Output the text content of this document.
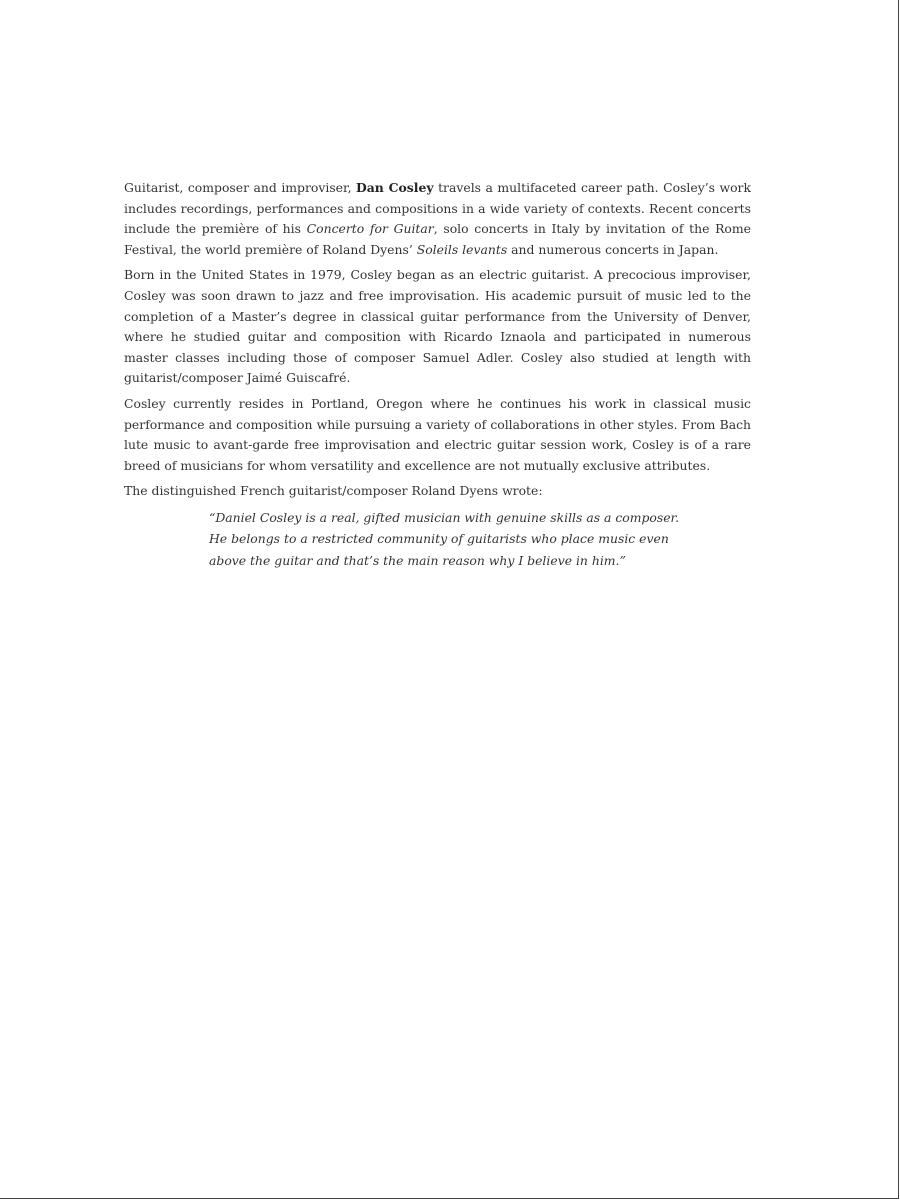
Guitarist, composer and improviser, Dan Cosley travels a multifaceted career path. Cosley’s work includes recordings, performances and compositions in a wide variety of contexts. Recent concerts include the première of his Concerto for Guitar, solo concerts in Italy by invitation of the Rome Festival, the world première of Roland Dyens’ Soleils levants and numerous concerts in Japan.

Born in the United States in 1979, Cosley began as an electric guitarist. A precocious improviser, Cosley was soon drawn to jazz and free improvisation. His academic pursuit of music led to the completion of a Master’s degree in classical guitar performance from the University of Denver, where he studied guitar and composition with Ricardo Iznaola and participated in numerous master classes including those of composer Samuel Adler. Cosley also studied at length with guitarist/composer Jaimé Guiscafré.

Cosley currently resides in Portland, Oregon where he continues his work in classical music performance and composition while pursuing a variety of collaborations in other styles. From Bach lute music to avant-garde free improvisation and electric guitar session work, Cosley is of a rare breed of musicians for whom versatility and excellence are not mutually exclusive attributes.

The distinguished French guitarist/composer Roland Dyens wrote:

“Daniel Cosley is a real, gifted musician with genuine skills as a composer.
He belongs to a restricted community of guitarists who place music even
above the guitar and that’s the main reason why I believe in him.”
